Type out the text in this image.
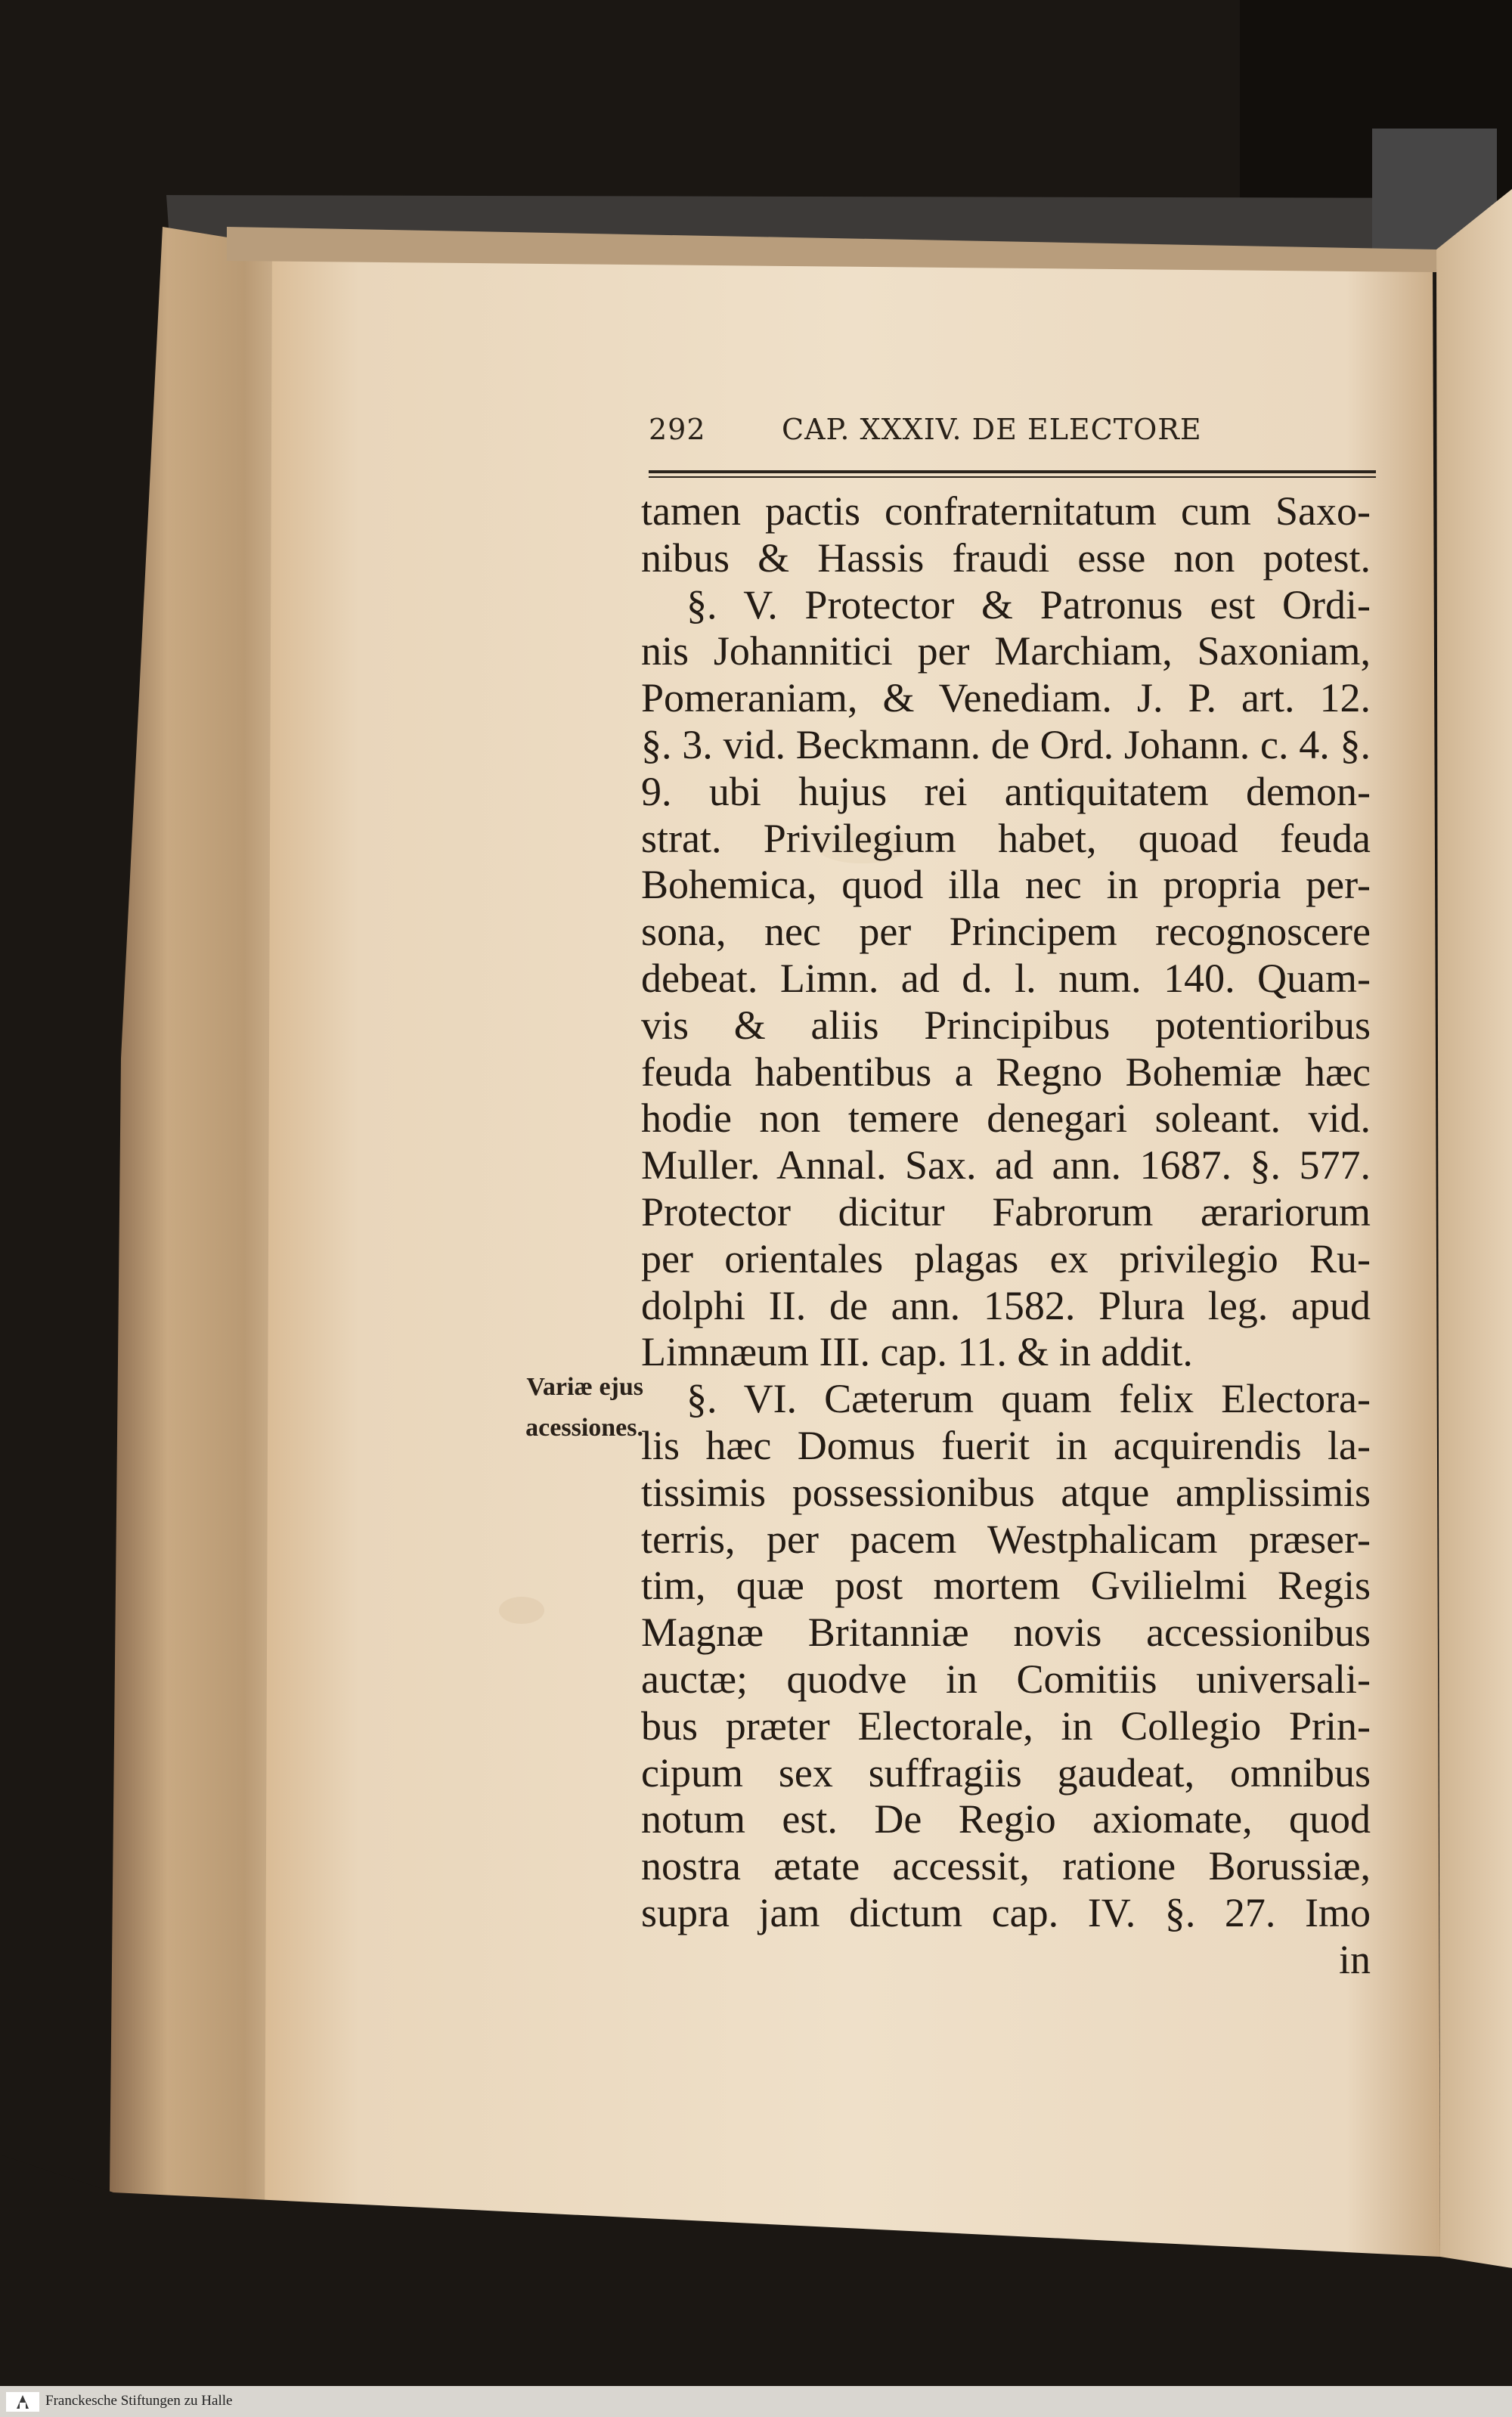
292	CAP. XXXIV. DE ELECTORE
Variæ ejus
acessiones.
tamen pactis confraternitatum cum Saxo-
nibus & Hassis fraudi esse non potest.
§. V. Protector & Patronus est Ordi-
nis Johannitici per Marchiam, Saxoniam,
Pomeraniam, & Venediam. J. P. art. 12.
§. 3. vid. Beckmann. de Ord. Johann. c. 4. §.
9. ubi hujus rei antiquitatem demon-
strat. Privilegium habet, quoad feuda
Bohemica, quod illa nec in propria per-
sona, nec per Principem recognoscere
debeat. Limn. ad d. l. num. 140. Quam-
vis & aliis Principibus potentioribus
feuda habentibus a Regno Bohemiæ hæc
hodie non temere denegari soleant. vid.
Muller. Annal. Sax. ad ann. 1687. §. 577.
Protector dicitur Fabrorum ærariorum
per orientales plagas ex privilegio Ru-
dolphi II. de ann. 1582. Plura leg. apud
Limnæum III. cap. 11. & in addit.
§. VI. Cæterum quam felix Electora-
lis hæc Domus fuerit in acquirendis la-
tissimis possessionibus atque amplissimis
terris, per pacem Westphalicam præser-
tim, quæ post mortem Gvilielmi Regis
Magnæ Britanniæ novis accessionibus
auctæ; quodve in Comitiis universali-
bus præter Electorale, in Collegio Prin-
cipum sex suffragiis gaudeat, omnibus
notum est. De Regio axiomate, quod
nostra ætate accessit, ratione Borussiæ,
supra jam dictum cap. IV. §. 27. Imo
in
Franckesche Stiftungen zu Halle
